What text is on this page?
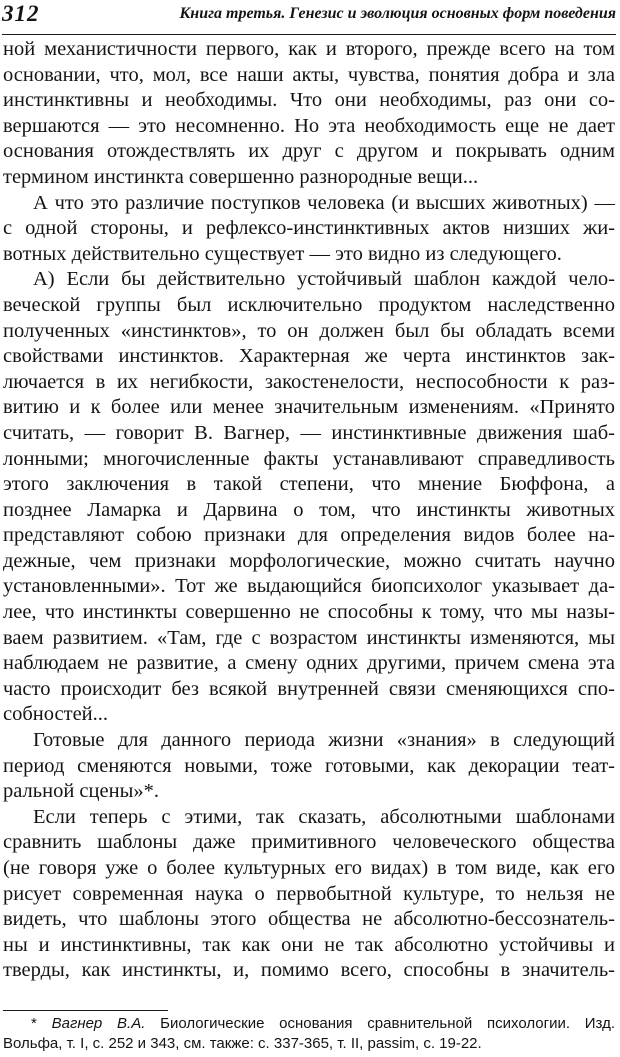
312	Книга третья. Генезис и эволюция основных форм поведения
ной механистичности первого, как и второго, прежде всего на том
основании, что, мол, все наши акты, чувства, понятия добра и зла
инстинктивны и необходимы. Что они необходимы, раз они со-
вершаются — это несомненно. Но эта необходимость еще не дает
основания отождествлять их друг с другом и покрывать одним
термином инстинкта совершенно разнородные вещи...
А что это различие поступков человека (и высших животных) —
с одной стороны, и рефлексо-инстинктивных актов низших жи-
вотных действительно существует — это видно из следующего.
А) Если бы действительно устойчивый шаблон каждой чело-
веческой группы был исключительно продуктом наследственно
полученных «инстинктов», то он должен был бы обладать всеми
свойствами инстинктов. Характерная же черта инстинктов зак-
лючается в их негибкости, закостенелости, неспособности к раз-
витию и к более или менее значительным изменениям. «Принято
считать, — говорит В. Вагнер, — инстинктивные движения шаб-
лонными; многочисленные факты устанавливают справедливость
этого заключения в такой степени, что мнение Бюффона, а
позднее Ламарка и Дарвина о том, что инстинкты животных
представляют собою признаки для определения видов более на-
дежные, чем признаки морфологические, можно считать научно
установленными». Тот же выдающийся биопсихолог указывает да-
лее, что инстинкты совершенно не способны к тому, что мы назы-
ваем развитием. «Там, где с возрастом инстинкты изменяются, мы
наблюдаем не развитие, а смену одних другими, причем смена эта
часто происходит без всякой внутренней связи сменяющихся спо-
собностей...
Готовые для данного периода жизни «знания» в следующий
период сменяются новыми, тоже готовыми, как декорации теат-
ральной сцены»*.
Если теперь с этими, так сказать, абсолютными шаблонами
сравнить шаблоны даже примитивного человеческого общества
(не говоря уже о более культурных его видах) в том виде, как его
рисует современная наука о первобытной культуре, то нельзя не
видеть, что шаблоны этого общества не абсолютно-бессознатель-
ны и инстинктивны, так как они не так абсолютно устойчивы и
тверды, как инстинкты, и, помимо всего, способны в значитель-
* Вагнер В.А. Биологические основания сравнительной психологии. Изд.
Вольфа, т. I, с. 252 и 343, см. также: с. 337-365, т. II, passim, с. 19-22.
